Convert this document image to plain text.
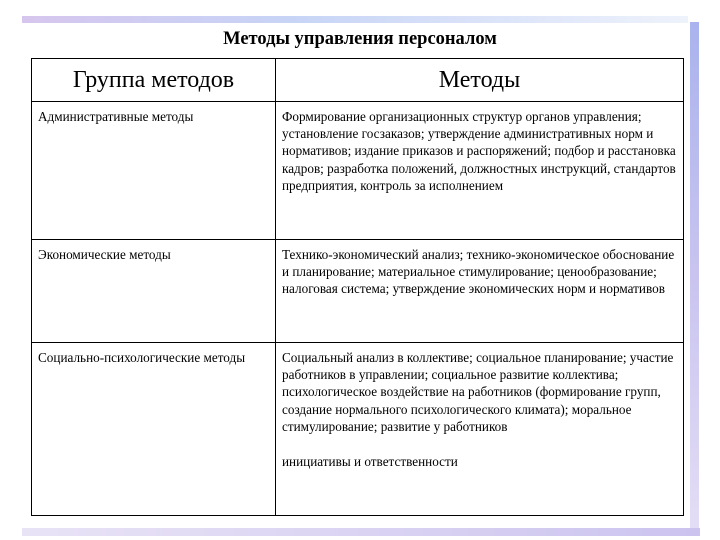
Методы управления персоналом
Группа методов	Методы
Административные методы	Формирование организационных структур органов управления; установление госзаказов; утверждение административных норм и нормативов; издание приказов и распоряжений; подбор и расстановка кадров; разработка положений, должностных инструкций, стандартов предприятия, контроль за исполнением
Экономические методы	Технико-экономический анализ; технико-экономическое обоснование и планирование; материальное стимулирование; ценообразование; налоговая система; утверждение экономических норм и нормативов
Социально-психологические методы	Социальный анализ в коллективе; социальное планирование; участие работников в управлении; социальное развитие коллектива; психологическое воздействие на работников (формирование групп, создание нормального психологического климата); моральное стимулирование; развитие у работников
инициативы и ответственности
